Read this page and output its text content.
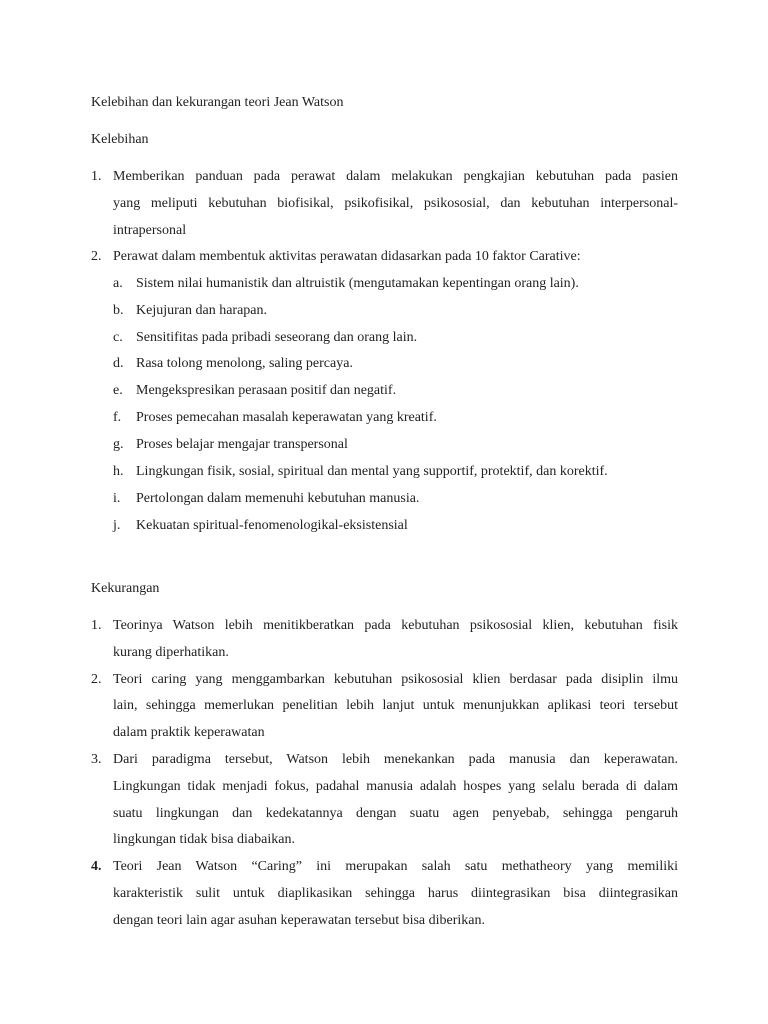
Kelebihan dan kekurangan teori Jean Watson
Kelebihan
1. Memberikan panduan pada perawat dalam melakukan pengkajian kebutuhan pada pasien
yang meliputi kebutuhan biofisikal, psikofisikal, psikososial, dan kebutuhan interpersonal-
intrapersonal
2. Perawat dalam membentuk aktivitas perawatan didasarkan pada 10 faktor Carative:
a. Sistem nilai humanistik dan altruistik (mengutamakan kepentingan orang lain).
b. Kejujuran dan harapan.
c. Sensitifitas pada pribadi seseorang dan orang lain.
d. Rasa tolong menolong, saling percaya.
e. Mengekspresikan perasaan positif dan negatif.
f. Proses pemecahan masalah keperawatan yang kreatif.
g. Proses belajar mengajar transpersonal
h. Lingkungan fisik, sosial, spiritual dan mental yang supportif, protektif, dan korektif.
i. Pertolongan dalam memenuhi kebutuhan manusia.
j. Kekuatan spiritual-fenomenologikal-eksistensial
Kekurangan
1. Teorinya Watson lebih menitikberatkan pada kebutuhan psikososial klien, kebutuhan fisik
kurang diperhatikan.
2. Teori caring yang menggambarkan kebutuhan psikososial klien berdasar pada disiplin ilmu
lain, sehingga memerlukan penelitian lebih lanjut untuk menunjukkan aplikasi teori tersebut
dalam praktik keperawatan
3. Dari paradigma tersebut, Watson lebih menekankan pada manusia dan keperawatan.
Lingkungan tidak menjadi fokus, padahal manusia adalah hospes yang selalu berada di dalam
suatu lingkungan dan kedekatannya dengan suatu agen penyebab, sehingga pengaruh
lingkungan tidak bisa diabaikan.
4. Teori Jean Watson “Caring” ini merupakan salah satu methatheory yang memiliki
karakteristik sulit untuk diaplikasikan sehingga harus diintegrasikan bisa diintegrasikan
dengan teori lain agar asuhan keperawatan tersebut bisa diberikan.
